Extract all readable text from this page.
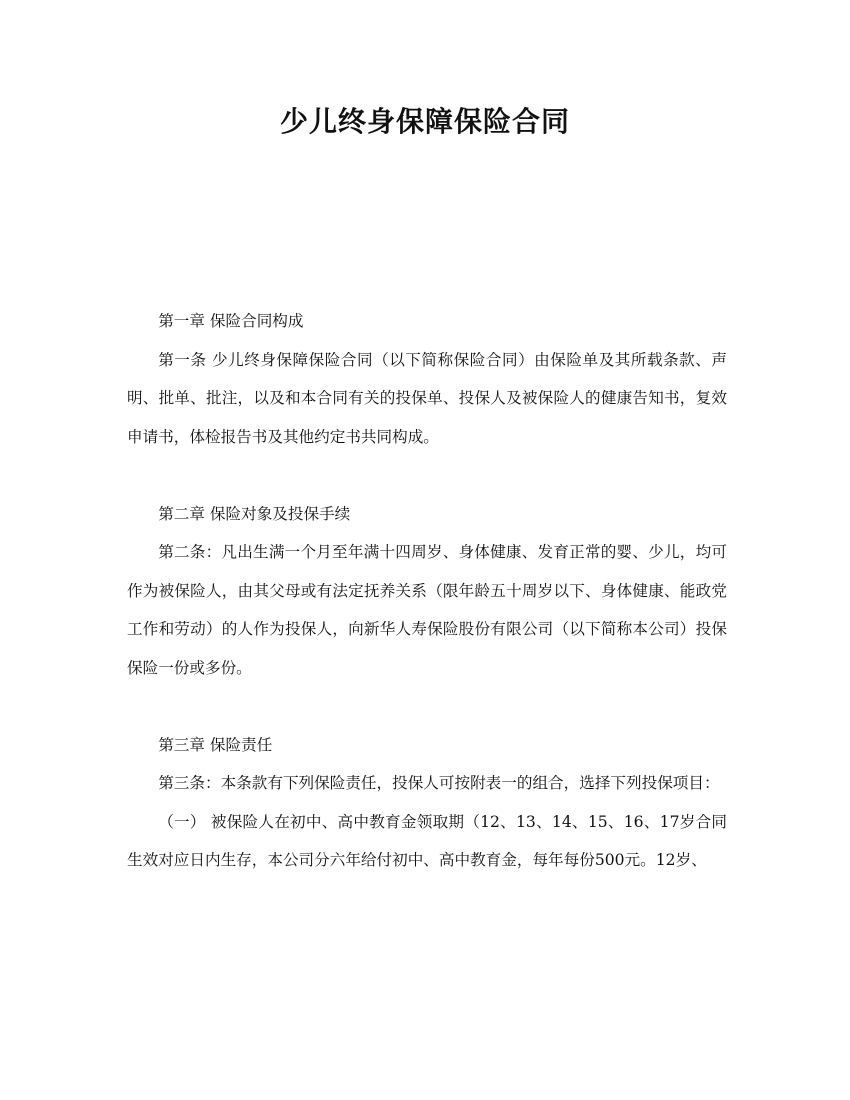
少儿终身保障保险合同

第一章 保险合同构成

第一条 少儿终身保障保险合同（以下简称保险合同）由保险单及其所载条款、声明、批单、批注，以及和本合同有关的投保单、投保人及被保险人的健康告知书，复效申请书，体检报告书及其他约定书共同构成。

第二章 保险对象及投保手续

第二条：凡出生满一个月至年满十四周岁、身体健康、发育正常的婴、少儿，均可作为被保险人，由其父母或有法定抚养关系（限年龄五十周岁以下、身体健康、能政党工作和劳动）的人作为投保人，向新华人寿保险股份有限公司（以下简称本公司）投保保险一份或多份。

第三章 保险责任

第三条：本条款有下列保险责任，投保人可按附表一的组合，选择下列投保项目：

（一） 被保险人在初中、高中教育金领取期（12、13、14、15、16、17岁合同生效对应日内生存，本公司分六年给付初中、高中教育金，每年每份500元。12岁、
